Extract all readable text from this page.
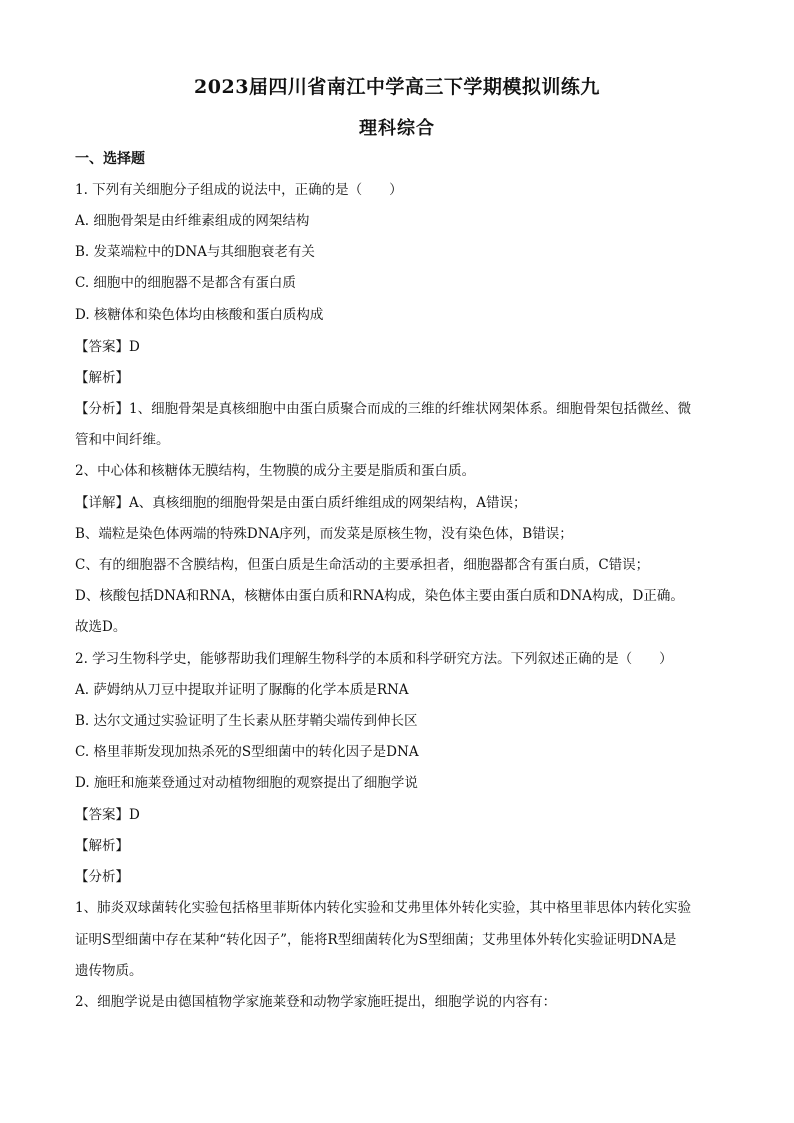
2023届四川省南江中学高三下学期模拟训练九
理科综合
一、选择题
1. 下列有关细胞分子组成的说法中，正确的是（　　）
A. 细胞骨架是由纤维素组成的网架结构
B. 发菜端粒中的DNA与其细胞衰老有关
C. 细胞中的细胞器不是都含有蛋白质
D. 核糖体和染色体均由核酸和蛋白质构成
【答案】D
【解析】
【分析】1、细胞骨架是真核细胞中由蛋白质聚合而成的三维的纤维状网架体系。细胞骨架包括微丝、微
管和中间纤维。
2、中心体和核糖体无膜结构，生物膜的成分主要是脂质和蛋白质。
【详解】A、真核细胞的细胞骨架是由蛋白质纤维组成的网架结构，A错误；
B、端粒是染色体两端的特殊DNA序列，而发菜是原核生物，没有染色体，B错误；
C、有的细胞器不含膜结构，但蛋白质是生命活动的主要承担者，细胞器都含有蛋白质，C错误；
D、核酸包括DNA和RNA，核糖体由蛋白质和RNA构成，染色体主要由蛋白质和DNA构成，D正确。
故选D。
2. 学习生物科学史，能够帮助我们理解生物科学的本质和科学研究方法。下列叙述正确的是（　　）
A. 萨姆纳从刀豆中提取并证明了脲酶的化学本质是RNA
B. 达尔文通过实验证明了生长素从胚芽鞘尖端传到伸长区
C. 格里菲斯发现加热杀死的S型细菌中的转化因子是DNA
D. 施旺和施莱登通过对动植物细胞的观察提出了细胞学说
【答案】D
【解析】
【分析】
1、肺炎双球菌转化实验包括格里菲斯体内转化实验和艾弗里体外转化实验，其中格里菲思体内转化实验
证明S型细菌中存在某种“转化因子”，能将R型细菌转化为S型细菌；艾弗里体外转化实验证明DNA是
遗传物质。
2、细胞学说是由德国植物学家施莱登和动物学家施旺提出，细胞学说的内容有：
